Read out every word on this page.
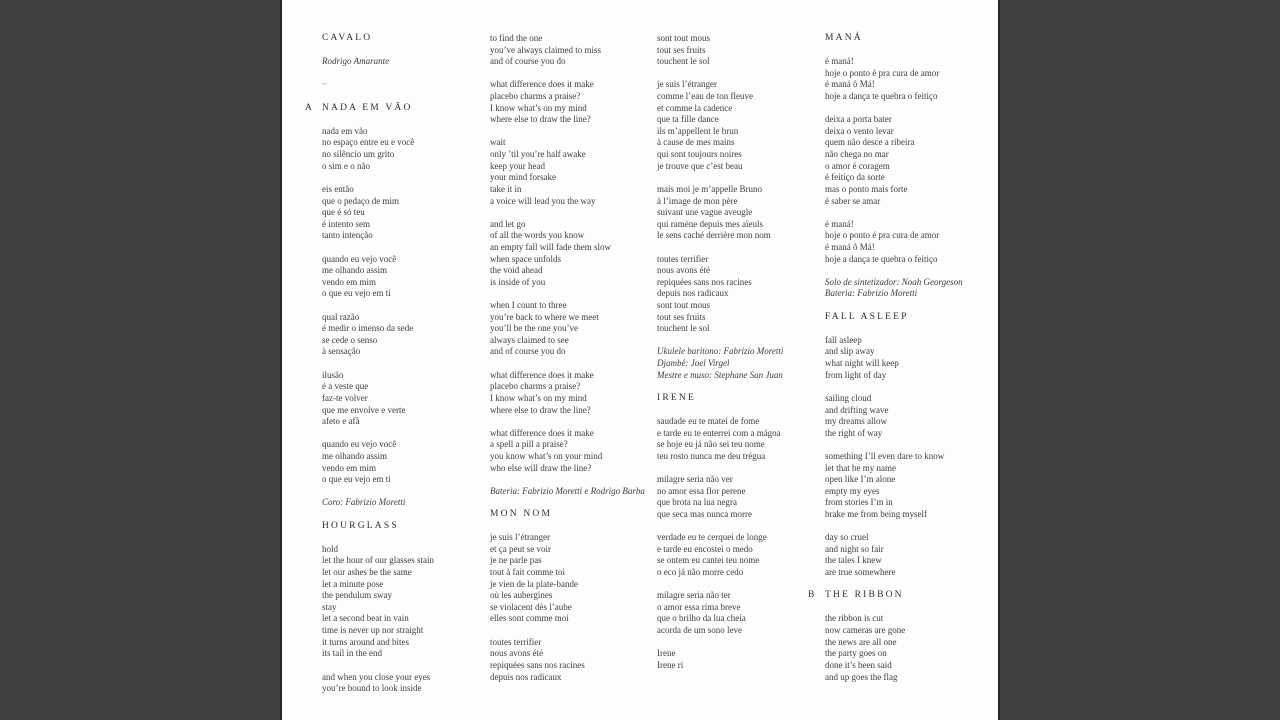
CAVALO
Rodrigo Amarante
~
A NADA EM VÃO
nada em vão
no espaço entre eu e você
no silêncio um grito
o sim e o não
eis então
que o pedaço de mim
que é só teu
é intento sem
tanto intenção
quando eu vejo você
me olhando assim
vendo em mim
o que eu vejo em ti
qual razão
é medir o imenso da sede
se cede o senso
à sensação
ilusão
é a veste que
faz-te volver
que me envolve e verte
afeto e afã
quando eu vejo você
me olhando assim
vendo em mim
o que eu vejo em ti
Coro: Fabrizio Moretti
HOURGLASS
hold
let the hour of our glasses stain
let our ashes be the same
let a minute pose
the pendulum sway
stay
let a second beat in vain
time is never up nor straight
it turns around and bites
its tail in the end
and when you close your eyes
you’re bound to look inside
to find the one
you’ve always claimed to miss
and of course you do
what difference does it make
placebo charms a praise?
I know what’s on my mind
where else to draw the line?
wait
only ’til you’re half awake
keep your head
your mind forsake
take it in
a voice will lead you the way
and let go
of all the words you know
an empty fall will fade them slow
when space unfolds
the void ahead
is inside of you
when I count to three
you’re back to where we meet
you’ll be the one you’ve
always claimed to see
and of course you do
what difference does it make
placebo charms a praise?
I know what’s on my mind
where else to draw the line?
what difference does it make
a spell a pill a praise?
you know what’s on your mind
who else will draw the line?
Bateria: Fabrizio Moretti e Rodrigo Barba
MON NOM
je suis l’étranger
et ça peut se voir
je ne parle pas
tout à fait comme toi
je vien de la plate-bande
où les aubergines
se violacent dès l’aube
elles sont comme moi
toutes terrifier
nous avons été
repiquées sans nos racines
depuis nos radicaux
sont tout mous
tout ses fruits
touchent le sol
je suis l’étranger
comme l’eau de ton fleuve
et comme la cadence
que ta fille dance
ils m’appellent le brun
à cause de mes mains
qui sont toujours noires
je trouve que c’est beau
mais moi je m’appelle Bruno
à l’image de mon père
suivant une vague aveugle
qui ramène depuis mes aïeuls
le sens caché derrière mon nom
toutes terrifier
nous avons été
repiquées sans nos racines
depuis nos radicaux
sont tout mous
tout ses fruits
touchent le sol
Ukulele baritono: Fabrizio Moretti
Djambê: Joel Virgel
Mestre e muso: Stephane San Juan
IRENE
saudade eu te matei de fome
e tarde eu te enterrei com a mágoa
se hoje eu já não sei teu nome
teu rosto nunca me deu trégua
milagre seria não ver
no amor essa flor perene
que brota na lua negra
que seca mas nunca morre
verdade eu te cerquei de longe
e tarde eu encostei o medo
se ontem eu cantei teu nome
o eco já não morre cedo
milagre seria não ter
o amor essa rima breve
que o brilho da lua cheia
acorda de um sono leve
Irene
Irene ri
MANÁ
é maná!
hoje o ponto é pra cura de amor
é maná ô Má!
hoje a dança te quebra o feitiço
deixa a porta bater
deixa o vento levar
quem não desce a ribeira
não chega no mar
o amor é coragem
é feitiço da sorte
mas o ponto mais forte
é saber se amar
é maná!
hoje o ponto é pra cura de amor
é maná ô Má!
hoje a dança te quebra o feitiço
Solo de sintetizador: Noah Georgeson
Bateria: Fabrizio Moretti
FALL ASLEEP
fall asleep
and slip away
what night will keep
from light of day
sailing cloud
and drifting wave
my dreams allow
the right of way
something I’ll even dare to know
let that be my name
open like I’m alone
empty my eyes
from stories I’m in
brake me from being myself
day so cruel
and night so fair
the tales I knew
are true somewhere
B THE RIBBON
the ribbon is cut
now cameras are gone
the news are all one
the party goes on
done it’s been said
and up goes the flag
